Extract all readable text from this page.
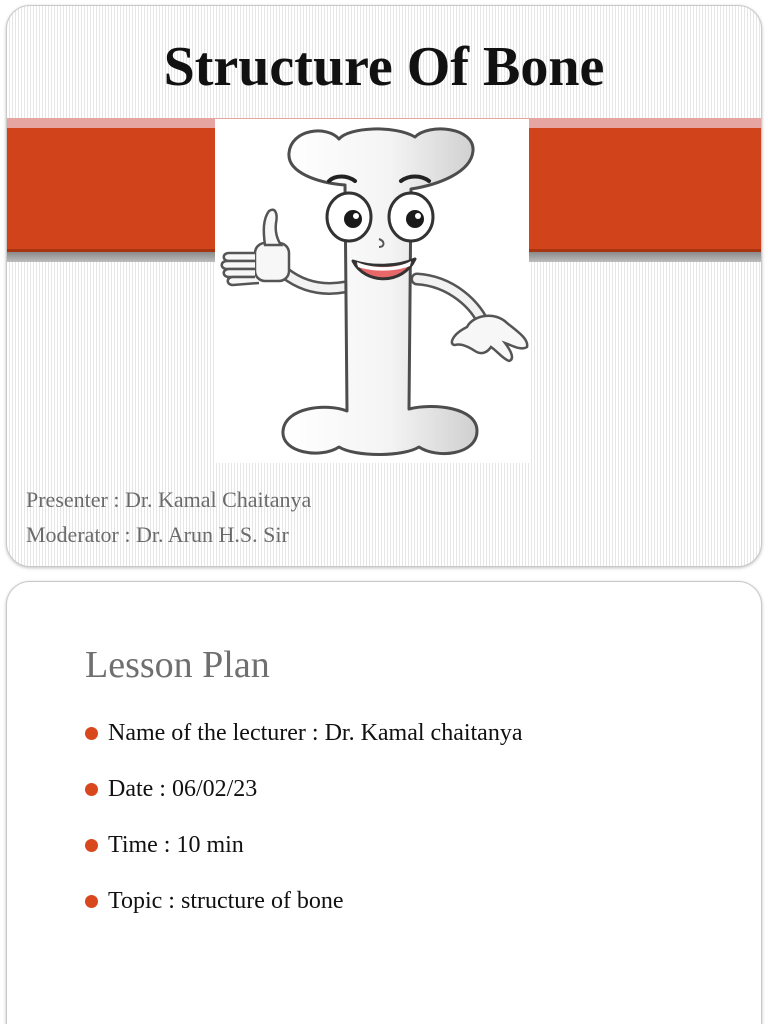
Structure Of Bone
Presenter : Dr. Kamal Chaitanya
Moderator : Dr. Arun H.S. Sir
Lesson Plan
Name of the lecturer : Dr. Kamal chaitanya
Date : 06/02/23
Time : 10 min
Topic : structure of bone
